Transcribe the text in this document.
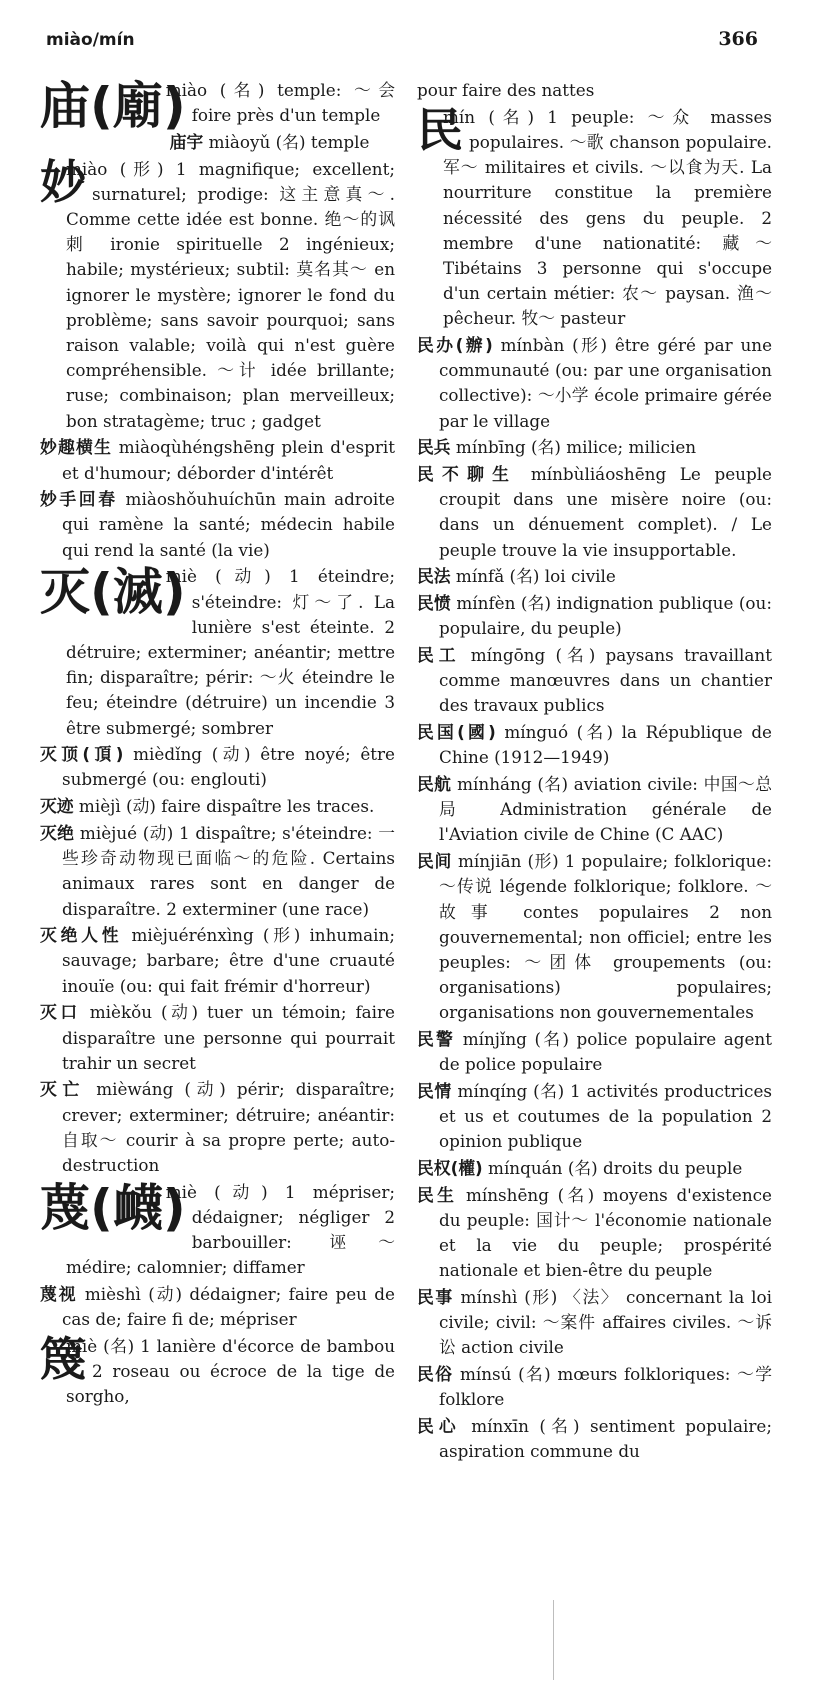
miào/mín	366

庙(廟)
miào (名) temple: ～会 foire près d'un temple

庙宇 miàoyǔ (名) temple

妙
miào (形) 1 magnifique; excellent; surnaturel; prodige: 这主意真～. Comme cette idée est bonne. 绝～的讽刺 ironie spirituelle 2 ingénieux; habile; mystérieux; subtil: 莫名其～ en ignorer le mystère; ignorer le fond du problème; sans savoir pourquoi; sans raison valable; voilà qui n'est guère compréhensible. ～计 idée brillante; ruse; combinaison; plan merveilleux; bon stratagème; truc ; gadget

妙趣横生 miàoqùhéngshēng plein d'esprit et d'humour; déborder d'intérêt

妙手回春 miàoshǒuhuíchūn main adroite qui ramène la santé; médecin habile qui rend la santé (la vie)

灭(滅)
miè (动) 1 éteindre; s'éteindre: 灯～了. La lunière s'est éteinte. 2 détruire; exterminer; anéantir; mettre fin; disparaître; périr: ～火 éteindre le feu; éteindre (détruire) un incendie 3 être submergé; sombrer

灭顶(頂) mièdǐng (动) être noyé; être submergé (ou: englouti)

灭迹 mièjì (动) faire dispaître les traces.

灭绝 mièjué (动) 1 dispaître; s'éteindre: 一些珍奇动物现已面临～的危险. Certains animaux rares sont en danger de disparaître. 2 exterminer (une race)

灭绝人性 mièjuérénxìng (形) inhumain; sauvage; barbare; être d'une cruauté inouïe (ou: qui fait frémir d'horreur)

灭口 mièkǒu (动) tuer un témoin; faire disparaître une personne qui pourrait trahir un secret

灭亡 mièwáng (动) périr; disparaître; crever; exterminer; détruire; anéantir: 自取～ courir à sa propre perte; auto-destruction

蔑(衊)
miè (动) 1 mépriser; dédaigner; négliger 2 barbouiller: 诬～ médire; calomnier; diffamer

蔑视 mièshì (动) dédaigner; faire peu de cas de; faire fi de; mépriser

篾
miè (名) 1 lanière d'écorce de bambou 2 roseau ou écroce de la tige de sorgho,

pour faire des nattes

民
mín (名) 1 peuple: ～众 masses populaires. ～歌 chanson populaire. 军～ militaires et civils. ～以食为天. La nourriture constitue la première nécessité des gens du peuple. 2 membre d'une nationatité: 藏～ Tibétains 3 personne qui s'occupe d'un certain métier: 农～ paysan. 渔～ pêcheur. 牧～ pasteur

民办(辦) mínbàn (形) être géré par une communauté (ou: par une organisation collective): ～小学 école primaire gérée par le village

民兵 mínbīng (名) milice; milicien

民不聊生 mínbùliáoshēng Le peuple croupit dans une misère noire (ou: dans un dénuement complet). / Le peuple trouve la vie insupportable.

民法 mínfǎ (名) loi civile

民愤 mínfèn (名) indignation publique (ou: populaire, du peuple)

民工 míngōng (名) paysans travaillant comme manœuvres dans un chantier des travaux publics

民国(國) mínguó (名) la République de Chine (1912—1949)

民航 mínháng (名) aviation civile: 中国～总局 Administration générale de l'Aviation civile de Chine (C AAC)

民间 mínjiān (形) 1 populaire; folklorique: ～传说 légende folklorique; folklore. ～故事 contes populaires 2 non gouvernemental; non officiel; entre les peuples: ～团体 groupements (ou: organisations) populaires; organisations non gouvernementales

民警 mínjǐng (名) police populaire agent de police populaire

民情 mínqíng (名) 1 activités productrices et us et coutumes de la population 2 opinion publique

民权(權) mínquán (名) droits du peuple

民生 mínshēng (名) moyens d'existence du peuple: 国计～ l'économie nationale et la vie du peuple; prospérité nationale et bien-être du peuple

民事 mínshì (形) 〈法〉 concernant la loi civile; civil: ～案件 affaires civiles. ～诉讼 action civile

民俗 mínsú (名) mœurs folkloriques: ～学 folklore

民心 mínxīn (名) sentiment populaire; aspiration commune du
